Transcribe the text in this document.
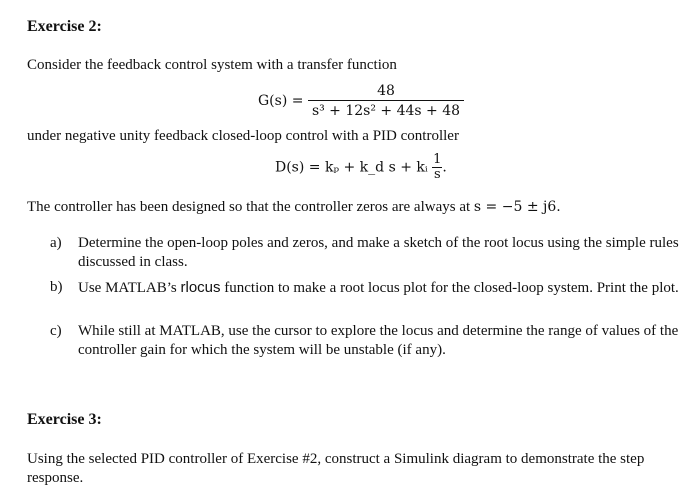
Exercise 2:
Consider the feedback control system with a transfer function
$G(s) = \frac{48}{\text{s³ + 12s² + 44s + 48}}$
under negative unity feedback closed-loop control with a PID controller
D(s) = kₚ + k_d s + kᵢ $\frac{1}{s}$ .
The controller has been designed so that the controller zeros are always at s = −5 ± j6.
a) Determine the open-loop poles and zeros, and make a sketch of the root locus using the simple rules discussed in class.
b) Use MATLAB’s rlocus function to make a root locus plot for the closed-loop system. Print the plot.
c) While still at MATLAB, use the cursor to explore the locus and determine the range of values of the controller gain for which the system will be unstable (if any).
Exercise 3:
Using the selected PID controller of Exercise #2, construct a Simulink diagram to demonstrate the step response.
